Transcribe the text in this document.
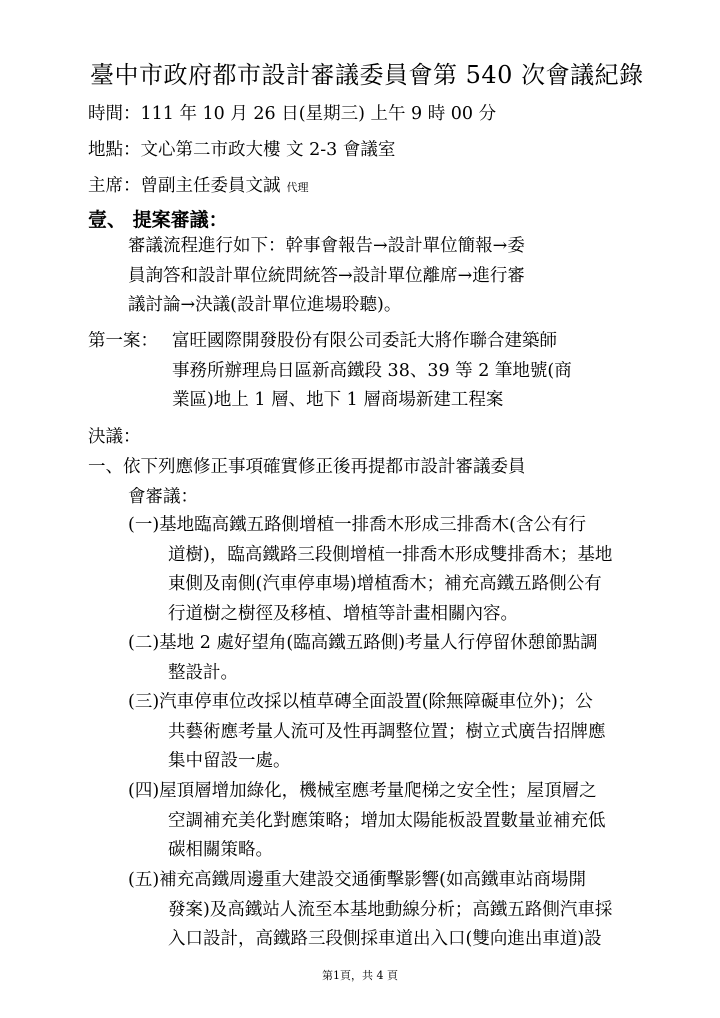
臺中市政府都市設計審議委員會第 540 次會議紀錄
時間：111 年 10 月 26 日(星期三) 上午 9 時 00 分
地點：文心第二市政大樓 文 2-3 會議室
主席：曾副主任委員文誠 代理
壹、 提案審議：
審議流程進行如下：幹事會報告→設計單位簡報→委
員詢答和設計單位統問統答→設計單位離席→進行審
議討論→決議(設計單位進場聆聽)。
第一案： 富旺國際開發股份有限公司委託大將作聯合建築師
事務所辦理烏日區新高鐵段 38、39 等 2 筆地號(商
業區)地上 1 層、地下 1 層商場新建工程案
決議：
一、依下列應修正事項確實修正後再提都市設計審議委員
會審議：
(一)基地臨高鐵五路側增植一排喬木形成三排喬木(含公有行
道樹)，臨高鐵路三段側增植一排喬木形成雙排喬木；基地
東側及南側(汽車停車場)增植喬木；補充高鐵五路側公有
行道樹之樹徑及移植、增植等計畫相關內容。
(二)基地 2 處好望角(臨高鐵五路側)考量人行停留休憩節點調
整設計。
(三)汽車停車位改採以植草磚全面設置(除無障礙車位外)；公
共藝術應考量人流可及性再調整位置；樹立式廣告招牌應
集中留設一處。
(四)屋頂層增加綠化，機械室應考量爬梯之安全性；屋頂層之
空調補充美化對應策略；增加太陽能板設置數量並補充低
碳相關策略。
(五)補充高鐵周邊重大建設交通衝擊影響(如高鐵車站商場開
發案)及高鐵站人流至本基地動線分析；高鐵五路側汽車採
入口設計，高鐵路三段側採車道出入口(雙向進出車道)設
第1頁，共 4 頁
